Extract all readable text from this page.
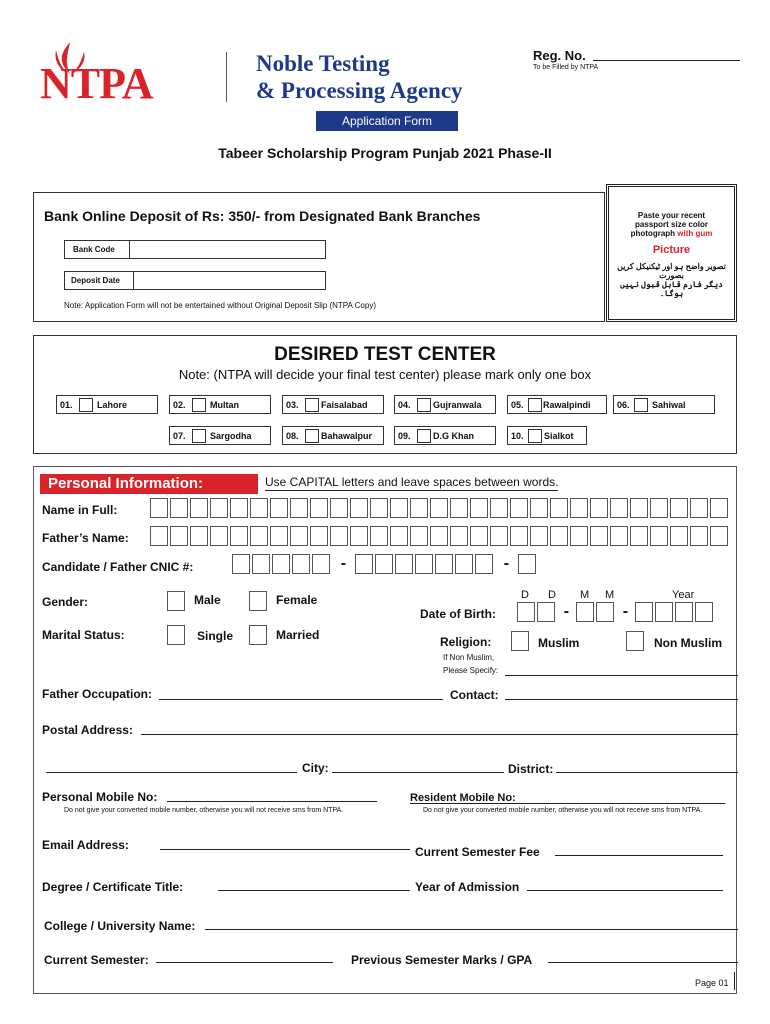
NTPA	Noble Testing
& Processing Agency
Reg. No.
To be Filled by NTPA
Application Form
Tabeer Scholarship Program Punjab 2021 Phase-II
Bank Online Deposit of Rs: 350/- from Designated Bank Branches
Bank Code
Deposit Date
Note: Application Form will not be entertained without Original Deposit Slip (NTPA Copy)
Paste your recent
passport size color
photograph with gum
Picture
تصویر واضح ہو اور ٹیکنیکل کریں بصورت
دیگر فارم قابل قبول نہیں ہوگا۔
DESIRED TEST CENTER
Note: (NTPA will decide your final test center) please mark only one box
01.	Lahore	02.	Multan	03. Faisalabad	04. Gujranwala	05. Rawalpindi	06. Sahiwal
07.	Sargodha	08. Bahawalpur	09. D.G Khan	10. Sialkot
Personal Information:	Use CAPITAL letters and leave spaces between words.
Name in Full:
Father’s Name:
Candidate / Father CNIC #:	-	-
Gender:	Male	Female
Marital Status:	Single	Married
D D M M	Year
Date of Birth:	-	-
Religion:	Muslim	Non Muslim
If Non Muslim,
Please Specify:
Father Occupation:	Contact:
Postal Address:
City:	District:
Personal Mobile No:
Do not give your converted mobile number, otherwise you will not receive sms from NTPA.
Resident Mobile No:
Do not give your converted mobile number, otherwise you will not receive sms from NTPA.
Email Address:	Current Semester Fee
Degree / Certificate Title:	Year of Admission
College / University Name:
Current Semester:	Previous Semester Marks / GPA
Page 01
